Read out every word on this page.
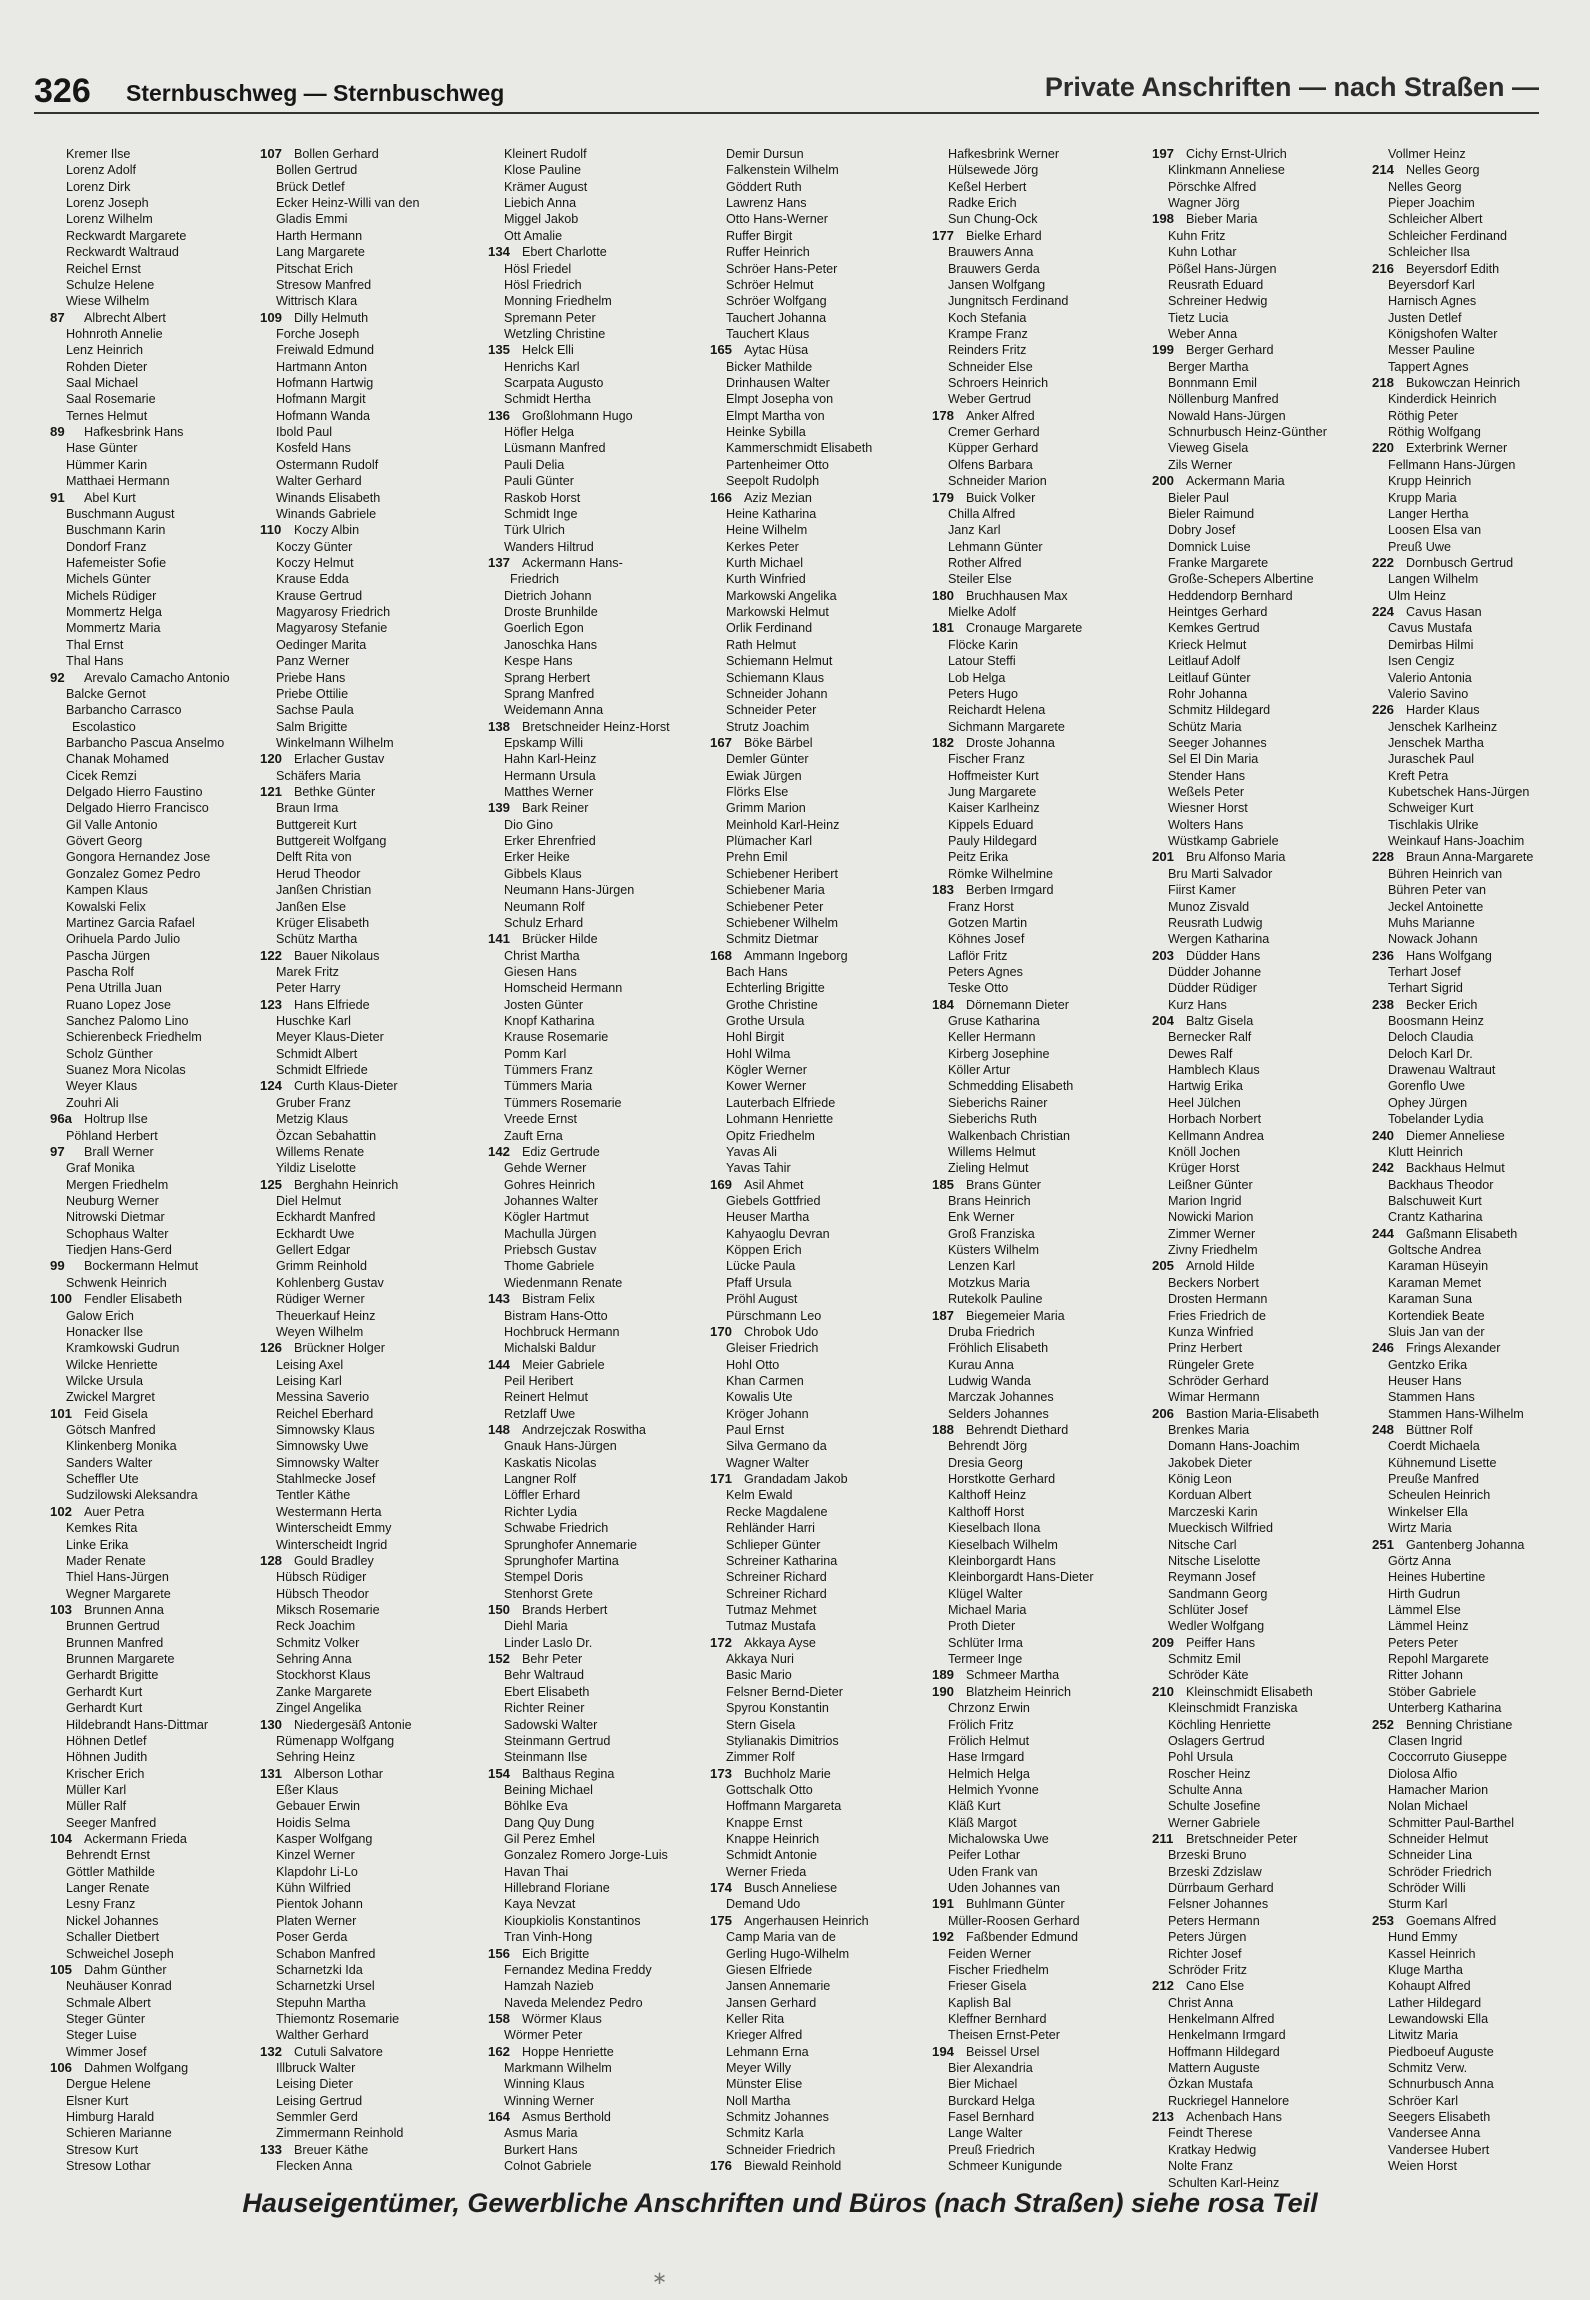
326 Sternbuschweg — Sternbuschweg	Private Anschriften — nach Straßen —
Kremer Ilse
Lorenz Adolf
Lorenz Dirk
Lorenz Joseph
Lorenz Wilhelm
Reckwardt Margarete
Reckwardt Waltraud
Reichel Ernst
Schulze Helene
Wiese Wilhelm
87 Albrecht Albert
Hohnroth Annelie
Lenz Heinrich
Rohden Dieter
Saal Michael
Saal Rosemarie
Ternes Helmut
89 Hafkesbrink Hans
Hase Günter
Hümmer Karin
Matthaei Hermann
91 Abel Kurt
Buschmann August
Buschmann Karin
Dondorf Franz
Hafemeister Sofie
Michels Günter
Michels Rüdiger
Mommertz Helga
Mommertz Maria
Thal Ernst
Thal Hans
92 Arevalo Camacho Antonio
Balcke Gernot
Barbancho Carrasco
Escolastico
Barbancho Pascua Anselmo
Chanak Mohamed
Cicek Remzi
Delgado Hierro Faustino
Delgado Hierro Francisco
Gil Valle Antonio
Gövert Georg
Gongora Hernandez Jose
Gonzalez Gomez Pedro
Kampen Klaus
Kowalski Felix
Martinez Garcia Rafael
Orihuela Pardo Julio
Pascha Jürgen
Pascha Rolf
Pena Utrilla Juan
Ruano Lopez Jose
Sanchez Palomo Lino
Schierenbeck Friedhelm
Scholz Günther
Suanez Mora Nicolas
Weyer Klaus
Zouhri Ali
96a Holtrup Ilse
Pöhland Herbert
97 Brall Werner
Graf Monika
Mergen Friedhelm
Neuburg Werner
Nitrowski Dietmar
Schophaus Walter
Tiedjen Hans-Gerd
99 Bockermann Helmut
Schwenk Heinrich
100 Fendler Elisabeth
Galow Erich
Honacker Ilse
Kramkowski Gudrun
Wilcke Henriette
Wilcke Ursula
Zwickel Margret
101 Feid Gisela
Götsch Manfred
Klinkenberg Monika
Sanders Walter
Scheffler Ute
Sudzilowski Aleksandra
102 Auer Petra
Kemkes Rita
Linke Erika
Mader Renate
Thiel Hans-Jürgen
Wegner Margarete
103 Brunnen Anna
Brunnen Gertrud
Brunnen Manfred
Brunnen Margarete
Gerhardt Brigitte
Gerhardt Kurt
Gerhardt Kurt
Hildebrandt Hans-Dittmar
Höhnen Detlef
Höhnen Judith
Krischer Erich
Müller Karl
Müller Ralf
Seeger Manfred
104 Ackermann Frieda
Behrendt Ernst
Göttler Mathilde
Langer Renate
Lesny Franz
Nickel Johannes
Schaller Dietbert
Schweichel Joseph
105 Dahm Günther
Neuhäuser Konrad
Schmale Albert
Steger Günter
Steger Luise
Wimmer Josef
106 Dahmen Wolfgang
Dergue Helene
Elsner Kurt
Himburg Harald
Schieren Marianne
Stresow Kurt
Stresow Lothar
107 Bollen Gerhard
Bollen Gertrud
Brück Detlef
Ecker Heinz-Willi van den
Gladis Emmi
Harth Hermann
Lang Margarete
Pitschat Erich
Stresow Manfred
Wittrisch Klara
109 Dilly Helmuth
Forche Joseph
Freiwald Edmund
Hartmann Anton
Hofmann Hartwig
Hofmann Margit
Hofmann Wanda
Ibold Paul
Kosfeld Hans
Ostermann Rudolf
Walter Gerhard
Winands Elisabeth
Winands Gabriele
110 Koczy Albin
Koczy Günter
Koczy Helmut
Krause Edda
Krause Gertrud
Magyarosy Friedrich
Magyarosy Stefanie
Oedinger Marita
Panz Werner
Priebe Hans
Priebe Ottilie
Sachse Paula
Salm Brigitte
Winkelmann Wilhelm
120 Erlacher Gustav
Schäfers Maria
121 Bethke Günter
Braun Irma
Buttgereit Kurt
Buttgereit Wolfgang
Delft Rita von
Herud Theodor
Janßen Christian
Janßen Else
Krüger Elisabeth
Schütz Martha
122 Bauer Nikolaus
Marek Fritz
Peter Harry
123 Hans Elfriede
Huschke Karl
Meyer Klaus-Dieter
Schmidt Albert
Schmidt Elfriede
124 Curth Klaus-Dieter
Gruber Franz
Metzig Klaus
Özcan Sebahattin
Willems Renate
Yildiz Liselotte
125 Berghahn Heinrich
Diel Helmut
Eckhardt Manfred
Eckhardt Uwe
Gellert Edgar
Grimm Reinhold
Kohlenberg Gustav
Rüdiger Werner
Theuerkauf Heinz
Weyen Wilhelm
126 Brückner Holger
Leising Axel
Leising Karl
Messina Saverio
Reichel Eberhard
Simnowsky Klaus
Simnowsky Uwe
Simnowsky Walter
Stahlmecke Josef
Tentler Käthe
Westermann Herta
Winterscheidt Emmy
Winterscheidt Ingrid
128 Gould Bradley
Hübsch Rüdiger
Hübsch Theodor
Miksch Rosemarie
Reck Joachim
Schmitz Volker
Sehring Anna
Stockhorst Klaus
Zanke Margarete
Zingel Angelika
130 Niedergesäß Antonie
Rümenapp Wolfgang
Sehring Heinz
131 Alberson Lothar
Eßer Klaus
Gebauer Erwin
Hoidis Selma
Kasper Wolfgang
Kinzel Werner
Klapdohr Li-Lo
Kühn Wilfried
Pientok Johann
Platen Werner
Poser Gerda
Schabon Manfred
Scharnetzki Ida
Scharnetzki Ursel
Stepuhn Martha
Thiemontz Rosemarie
Walther Gerhard
132 Cutuli Salvatore
Illbruck Walter
Leising Dieter
Leising Gertrud
Semmler Gerd
Zimmermann Reinhold
133 Breuer Käthe
Flecken Anna
Kleinert Rudolf
Klose Pauline
Krämer August
Liebich Anna
Miggel Jakob
Ott Amalie
134 Ebert Charlotte
Hösl Friedel
Hösl Friedrich
Monning Friedhelm
Spremann Peter
Wetzling Christine
135 Helck Elli
Henrichs Karl
Scarpata Augusto
Schmidt Hertha
136 Großlohmann Hugo
Höfler Helga
Lüsmann Manfred
Pauli Delia
Pauli Günter
Raskob Horst
Schmidt Inge
Türk Ulrich
Wanders Hiltrud
137 Ackermann Hans-
Friedrich
Dietrich Johann
Droste Brunhilde
Goerlich Egon
Janoschka Hans
Kespe Hans
Sprang Herbert
Sprang Manfred
Weidemann Anna
138 Bretschneider Heinz-Horst
Epskamp Willi
Hahn Karl-Heinz
Hermann Ursula
Matthes Werner
139 Bark Reiner
Dio Gino
Erker Ehrenfried
Erker Heike
Gibbels Klaus
Neumann Hans-Jürgen
Neumann Rolf
Schulz Erhard
141 Brücker Hilde
Christ Martha
Giesen Hans
Homscheid Hermann
Josten Günter
Knopf Katharina
Krause Rosemarie
Pomm Karl
Tümmers Franz
Tümmers Maria
Tümmers Rosemarie
Vreede Ernst
Zauft Erna
142 Ediz Gertrude
Gehde Werner
Gohres Heinrich
Johannes Walter
Kögler Hartmut
Machulla Jürgen
Priebsch Gustav
Thome Gabriele
Wiedenmann Renate
143 Bistram Felix
Bistram Hans-Otto
Hochbruck Hermann
Michalski Baldur
144 Meier Gabriele
Peil Heribert
Reinert Helmut
Retzlaff Uwe
148 Andrzejczak Roswitha
Gnauk Hans-Jürgen
Kaskatis Nicolas
Langner Rolf
Löffler Erhard
Richter Lydia
Schwabe Friedrich
Sprunghofer Annemarie
Sprunghofer Martina
Stempel Doris
Stenhorst Grete
150 Brands Herbert
Diehl Maria
Linder Laslo Dr.
152 Behr Peter
Behr Waltraud
Ebert Elisabeth
Richter Reiner
Sadowski Walter
Steinmann Gertrud
Steinmann Ilse
154 Balthaus Regina
Beining Michael
Böhlke Eva
Dang Quy Dung
Gil Perez Emhel
Gonzalez Romero Jorge-Luis
Havan Thai
Hillebrand Floriane
Kaya Nevzat
Kioupkiolis Konstantinos
Tran Vinh-Hong
156 Eich Brigitte
Fernandez Medina Freddy
Hamzah Nazieb
Naveda Melendez Pedro
158 Wörmer Klaus
Wörmer Peter
162 Hoppe Henriette
Markmann Wilhelm
Winning Klaus
Winning Werner
164 Asmus Berthold
Asmus Maria
Burkert Hans
Colnot Gabriele
Demir Dursun
Falkenstein Wilhelm
Göddert Ruth
Lawrenz Hans
Otto Hans-Werner
Ruffer Birgit
Ruffer Heinrich
Schröer Hans-Peter
Schröer Helmut
Schröer Wolfgang
Tauchert Johanna
Tauchert Klaus
165 Aytac Hüsa
Bicker Mathilde
Drinhausen Walter
Elmpt Josepha von
Elmpt Martha von
Heinke Sybilla
Kammerschmidt Elisabeth
Partenheimer Otto
Seepolt Rudolph
166 Aziz Mezian
Heine Katharina
Heine Wilhelm
Kerkes Peter
Kurth Michael
Kurth Winfried
Markowski Angelika
Markowski Helmut
Orlik Ferdinand
Rath Helmut
Schiemann Helmut
Schiemann Klaus
Schneider Johann
Schneider Peter
Strutz Joachim
167 Böke Bärbel
Demler Günter
Ewiak Jürgen
Flörks Else
Grimm Marion
Meinhold Karl-Heinz
Plümacher Karl
Prehn Emil
Schiebener Heribert
Schiebener Maria
Schiebener Peter
Schiebener Wilhelm
Schmitz Dietmar
168 Ammann Ingeborg
Bach Hans
Echterling Brigitte
Grothe Christine
Grothe Ursula
Hohl Birgit
Hohl Wilma
Kögler Werner
Kower Werner
Lauterbach Elfriede
Lohmann Henriette
Opitz Friedhelm
Yavas Ali
Yavas Tahir
169 Asil Ahmet
Giebels Gottfried
Heuser Martha
Kahyaoglu Devran
Köppen Erich
Lücke Paula
Pfaff Ursula
Pröhl August
Pürschmann Leo
170 Chrobok Udo
Gleiser Friedrich
Hohl Otto
Khan Carmen
Kowalis Ute
Kröger Johann
Paul Ernst
Silva Germano da
Wagner Walter
171 Grandadam Jakob
Kelm Ewald
Recke Magdalene
Rehländer Harri
Schlieper Günter
Schreiner Katharina
Schreiner Richard
Schreiner Richard
Tutmaz Mehmet
Tutmaz Mustafa
172 Akkaya Ayse
Akkaya Nuri
Basic Mario
Felsner Bernd-Dieter
Spyrou Konstantin
Stern Gisela
Stylianakis Dimitrios
Zimmer Rolf
173 Buchholz Marie
Gottschalk Otto
Hoffmann Margareta
Knappe Ernst
Knappe Heinrich
Schmidt Antonie
Werner Frieda
174 Busch Anneliese
Demand Udo
175 Angerhausen Heinrich
Camp Maria van de
Gerling Hugo-Wilhelm
Giesen Elfriede
Jansen Annemarie
Jansen Gerhard
Keller Rita
Krieger Alfred
Lehmann Erna
Meyer Willy
Münster Elise
Noll Martha
Schmitz Johannes
Schmitz Karla
Schneider Friedrich
176 Biewald Reinhold
Hafkesbrink Werner
Hülsewede Jörg
Keßel Herbert
Radke Erich
Sun Chung-Ock
177 Bielke Erhard
Brauwers Anna
Brauwers Gerda
Jansen Wolfgang
Jungnitsch Ferdinand
Koch Stefania
Krampe Franz
Reinders Fritz
Schneider Else
Schroers Heinrich
Weber Gertrud
178 Anker Alfred
Cremer Gerhard
Küpper Gerhard
Olfens Barbara
Schneider Marion
179 Buick Volker
Chilla Alfred
Janz Karl
Lehmann Günter
Rother Alfred
Steiler Else
180 Bruchhausen Max
Mielke Adolf
181 Cronauge Margarete
Flöcke Karin
Latour Steffi
Lob Helga
Peters Hugo
Reichardt Helena
Sichmann Margarete
182 Droste Johanna
Fischer Franz
Hoffmeister Kurt
Jung Margarete
Kaiser Karlheinz
Kippels Eduard
Pauly Hildegard
Peitz Erika
Römke Wilhelmine
183 Berben Irmgard
Franz Horst
Gotzen Martin
Köhnes Josef
Laflör Fritz
Peters Agnes
Teske Otto
184 Dörnemann Dieter
Gruse Katharina
Keller Hermann
Kirberg Josephine
Köller Artur
Schmedding Elisabeth
Sieberichs Rainer
Sieberichs Ruth
Walkenbach Christian
Willems Helmut
Zieling Helmut
185 Brans Günter
Brans Heinrich
Enk Werner
Groß Franziska
Küsters Wilhelm
Lenzen Karl
Motzkus Maria
Rutekolk Pauline
187 Biegemeier Maria
Druba Friedrich
Fröhlich Elisabeth
Kurau Anna
Ludwig Wanda
Marczak Johannes
Selders Johannes
188 Behrendt Diethard
Behrendt Jörg
Dresia Georg
Horstkotte Gerhard
Kalthoff Heinz
Kalthoff Horst
Kieselbach Ilona
Kieselbach Wilhelm
Kleinborgardt Hans
Kleinborgardt Hans-Dieter
Klügel Walter
Michael Maria
Proth Dieter
Schlüter Irma
Termeer Inge
189 Schmeer Martha
190 Blatzheim Heinrich
Chrzonz Erwin
Frölich Fritz
Frölich Helmut
Hase Irmgard
Helmich Helga
Helmich Yvonne
Kläß Kurt
Kläß Margot
Michalowska Uwe
Peifer Lothar
Uden Frank van
Uden Johannes van
191 Buhlmann Günter
Müller-Roosen Gerhard
192 Faßbender Edmund
Feiden Werner
Fischer Friedhelm
Frieser Gisela
Kaplish Bal
Kleffner Bernhard
Theisen Ernst-Peter
194 Beissel Ursel
Bier Alexandria
Bier Michael
Burckard Helga
Fasel Bernhard
Lange Walter
Preuß Friedrich
Schmeer Kunigunde
197 Cichy Ernst-Ulrich
Klinkmann Anneliese
Pörschke Alfred
Wagner Jörg
198 Bieber Maria
Kuhn Fritz
Kuhn Lothar
Pößel Hans-Jürgen
Reusrath Eduard
Schreiner Hedwig
Tietz Lucia
Weber Anna
199 Berger Gerhard
Berger Martha
Bonnmann Emil
Nöllenburg Manfred
Nowald Hans-Jürgen
Schnurbusch Heinz-Günther
Vieweg Gisela
Zils Werner
200 Ackermann Maria
Bieler Paul
Bieler Raimund
Dobry Josef
Domnick Luise
Franke Margarete
Große-Schepers Albertine
Heddendorp Bernhard
Heintges Gerhard
Kemkes Gertrud
Krieck Helmut
Leitlauf Adolf
Leitlauf Günter
Rohr Johanna
Schmitz Hildegard
Schütz Maria
Seeger Johannes
Sel El Din Maria
Stender Hans
Weßels Peter
Wiesner Horst
Wolters Hans
Wüstkamp Gabriele
201 Bru Alfonso Maria
Bru Marti Salvador
Fiirst Kamer
Munoz Zisvald
Reusrath Ludwig
Wergen Katharina
203 Düdder Hans
Düdder Johanne
Düdder Rüdiger
Kurz Hans
204 Baltz Gisela
Bernecker Ralf
Dewes Ralf
Hamblech Klaus
Hartwig Erika
Heel Jülchen
Horbach Norbert
Kellmann Andrea
Knöll Jochen
Krüger Horst
Leißner Günter
Marion Ingrid
Nowicki Marion
Zimmer Werner
Zivny Friedhelm
205 Arnold Hilde
Beckers Norbert
Drosten Hermann
Fries Friedrich de
Kunza Winfried
Prinz Herbert
Rüngeler Grete
Schröder Gerhard
Wimar Hermann
206 Bastion Maria-Elisabeth
Brenkes Maria
Domann Hans-Joachim
Jakobek Dieter
König Leon
Korduan Albert
Marczeski Karin
Mueckisch Wilfried
Nitsche Carl
Nitsche Liselotte
Reymann Josef
Sandmann Georg
Schlüter Josef
Wedler Wolfgang
209 Peiffer Hans
Schmitz Emil
Schröder Käte
210 Kleinschmidt Elisabeth
Kleinschmidt Franziska
Köchling Henriette
Oslagers Gertrud
Pohl Ursula
Roscher Heinz
Schulte Anna
Schulte Josefine
Werner Gabriele
211 Bretschneider Peter
Brzeski Bruno
Brzeski Zdzislaw
Dürrbaum Gerhard
Felsner Johannes
Peters Hermann
Peters Jürgen
Richter Josef
Schröder Fritz
212 Cano Else
Christ Anna
Henkelmann Alfred
Henkelmann Irmgard
Hoffmann Hildegard
Mattern Auguste
Özkan Mustafa
Ruckriegel Hannelore
213 Achenbach Hans
Feindt Therese
Kratkay Hedwig
Nolte Franz
Schulten Karl-Heinz
Vollmer Heinz
214 Nelles Georg
Nelles Georg
Pieper Joachim
Schleicher Albert
Schleicher Ferdinand
Schleicher Ilsa
216 Beyersdorf Edith
Beyersdorf Karl
Harnisch Agnes
Justen Detlef
Königshofen Walter
Messer Pauline
Tappert Agnes
218 Bukowczan Heinrich
Kinderdick Heinrich
Röthig Peter
Röthig Wolfgang
220 Exterbrink Werner
Fellmann Hans-Jürgen
Krupp Heinrich
Krupp Maria
Langer Hertha
Loosen Elsa van
Preuß Uwe
222 Dornbusch Gertrud
Langen Wilhelm
Ulm Heinz
224 Cavus Hasan
Cavus Mustafa
Demirbas Hilmi
Isen Cengiz
Valerio Antonia
Valerio Savino
226 Harder Klaus
Jenschek Karlheinz
Jenschek Martha
Juraschek Paul
Kreft Petra
Kubetschek Hans-Jürgen
Schweiger Kurt
Tischlakis Ulrike
Weinkauf Hans-Joachim
228 Braun Anna-Margarete
Bühren Heinrich van
Bühren Peter van
Jeckel Antoinette
Muhs Marianne
Nowack Johann
236 Hans Wolfgang
Terhart Josef
Terhart Sigrid
238 Becker Erich
Boosmann Heinz
Deloch Claudia
Deloch Karl Dr.
Drawenau Waltraut
Gorenflo Uwe
Ophey Jürgen
Tobelander Lydia
240 Diemer Anneliese
Klutt Heinrich
242 Backhaus Helmut
Backhaus Theodor
Balschuweit Kurt
Crantz Katharina
244 Gaßmann Elisabeth
Goltsche Andrea
Karaman Hüseyin
Karaman Memet
Karaman Suna
Kortendiek Beate
Sluis Jan van der
246 Frings Alexander
Gentzko Erika
Heuser Hans
Stammen Hans
Stammen Hans-Wilhelm
248 Büttner Rolf
Coerdt Michaela
Kühnemund Lisette
Preuße Manfred
Scheulen Heinrich
Winkelser Ella
Wirtz Maria
251 Gantenberg Johanna
Görtz Anna
Heines Hubertine
Hirth Gudrun
Lämmel Else
Lämmel Heinz
Peters Peter
Repohl Margarete
Ritter Johann
Stöber Gabriele
Unterberg Katharina
252 Benning Christiane
Clasen Ingrid
Coccorruto Giuseppe
Diolosa Alfio
Hamacher Marion
Nolan Michael
Schmitter Paul-Barthel
Schneider Helmut
Schneider Lina
Schröder Friedrich
Schröder Willi
Sturm Karl
253 Goemans Alfred
Hund Emmy
Kassel Heinrich
Kluge Martha
Kohaupt Alfred
Lather Hildegard
Lewandowski Ella
Litwitz Maria
Piedboeuf Auguste
Schmitz Verw.
Schnurbusch Anna
Schröer Karl
Seegers Elisabeth
Vandersee Anna
Vandersee Hubert
Weien Horst
Hauseigentümer, Gewerbliche Anschriften und Büros (nach Straßen) siehe rosa Teil
∗
